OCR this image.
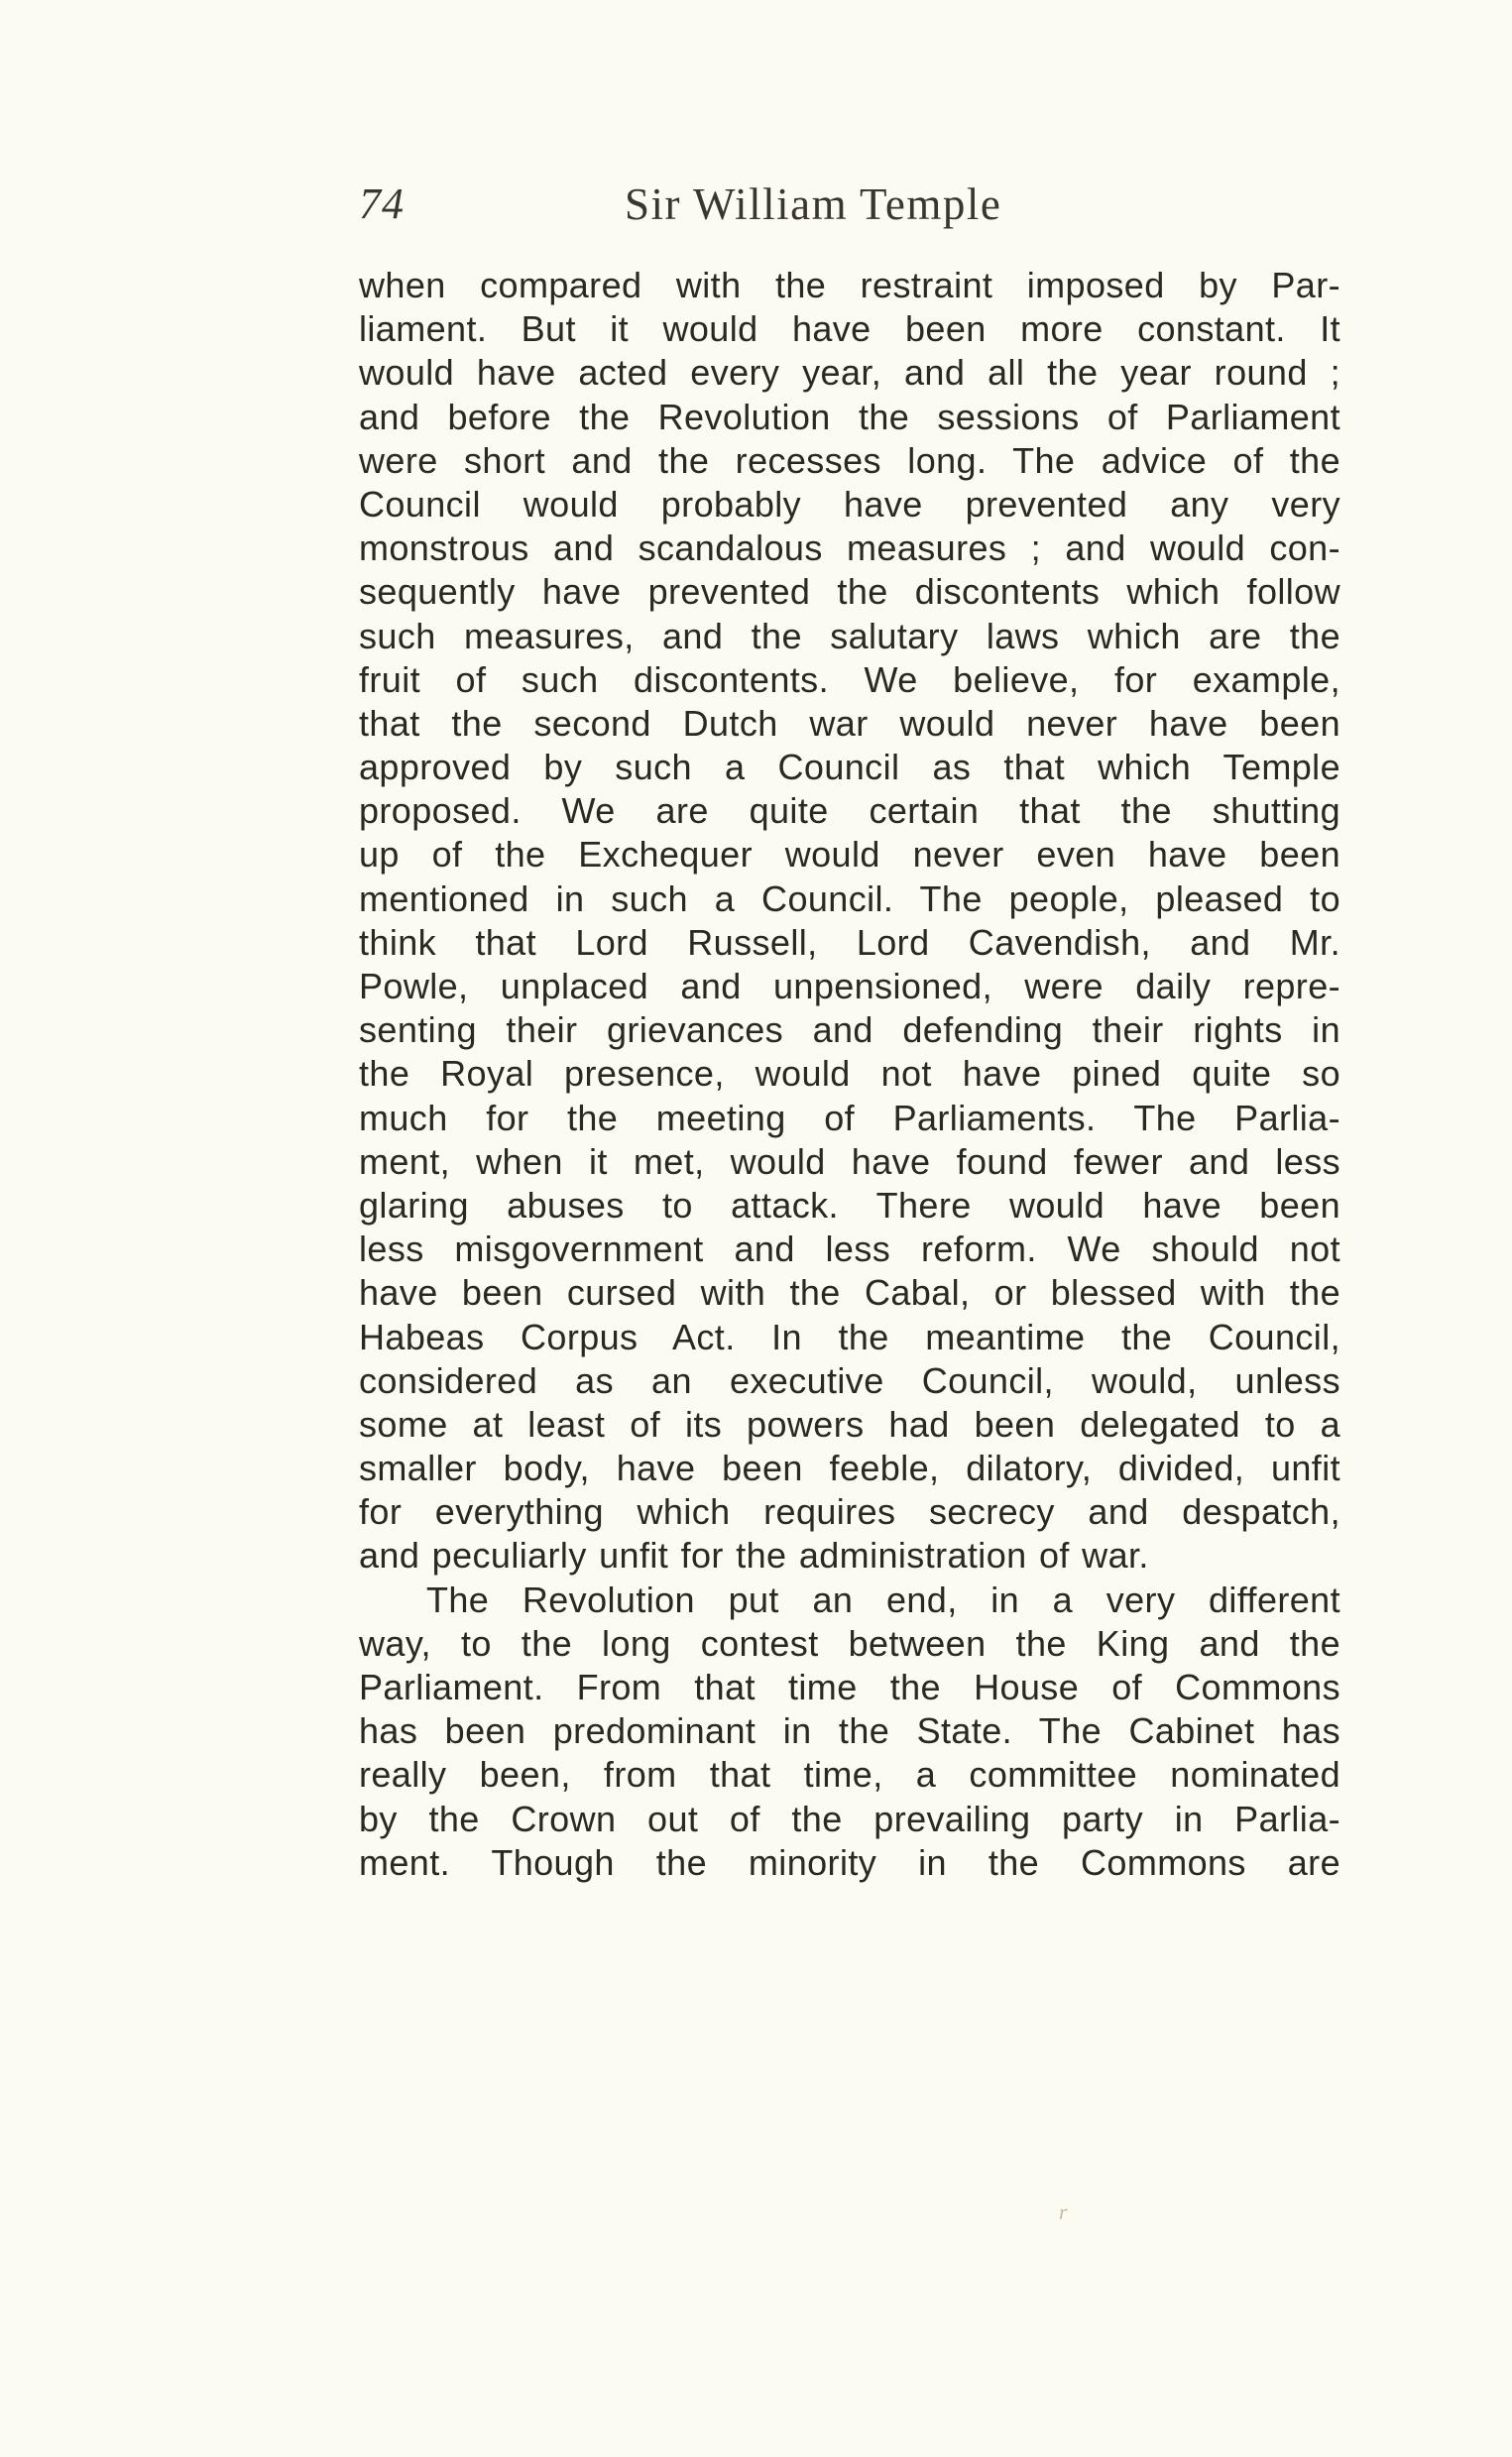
74	Sir William Temple
when compared with the restraint imposed by Par-
liament. But it would have been more constant. It
would have acted every year, and all the year round ;
and before the Revolution the sessions of Parliament
were short and the recesses long. The advice of the
Council would probably have prevented any very
monstrous and scandalous measures ; and would con-
sequently have prevented the discontents which follow
such measures, and the salutary laws which are the
fruit of such discontents. We believe, for example,
that the second Dutch war would never have been
approved by such a Council as that which Temple
proposed. We are quite certain that the shutting
up of the Exchequer would never even have been
mentioned in such a Council. The people, pleased to
think that Lord Russell, Lord Cavendish, and Mr.
Powle, unplaced and unpensioned, were daily repre-
senting their grievances and defending their rights in
the Royal presence, would not have pined quite so
much for the meeting of Parliaments. The Parlia-
ment, when it met, would have found fewer and less
glaring abuses to attack. There would have been
less misgovernment and less reform. We should not
have been cursed with the Cabal, or blessed with the
Habeas Corpus Act. In the meantime the Council,
considered as an executive Council, would, unless
some at least of its powers had been delegated to a
smaller body, have been feeble, dilatory, divided, unfit
for everything which requires secrecy and despatch,
and peculiarly unfit for the administration of war.
The Revolution put an end, in a very different
way, to the long contest between the King and the
Parliament. From that time the House of Commons
has been predominant in the State. The Cabinet has
really been, from that time, a committee nominated
by the Crown out of the prevailing party in Parlia-
ment. Though the minority in the Commons are
r
